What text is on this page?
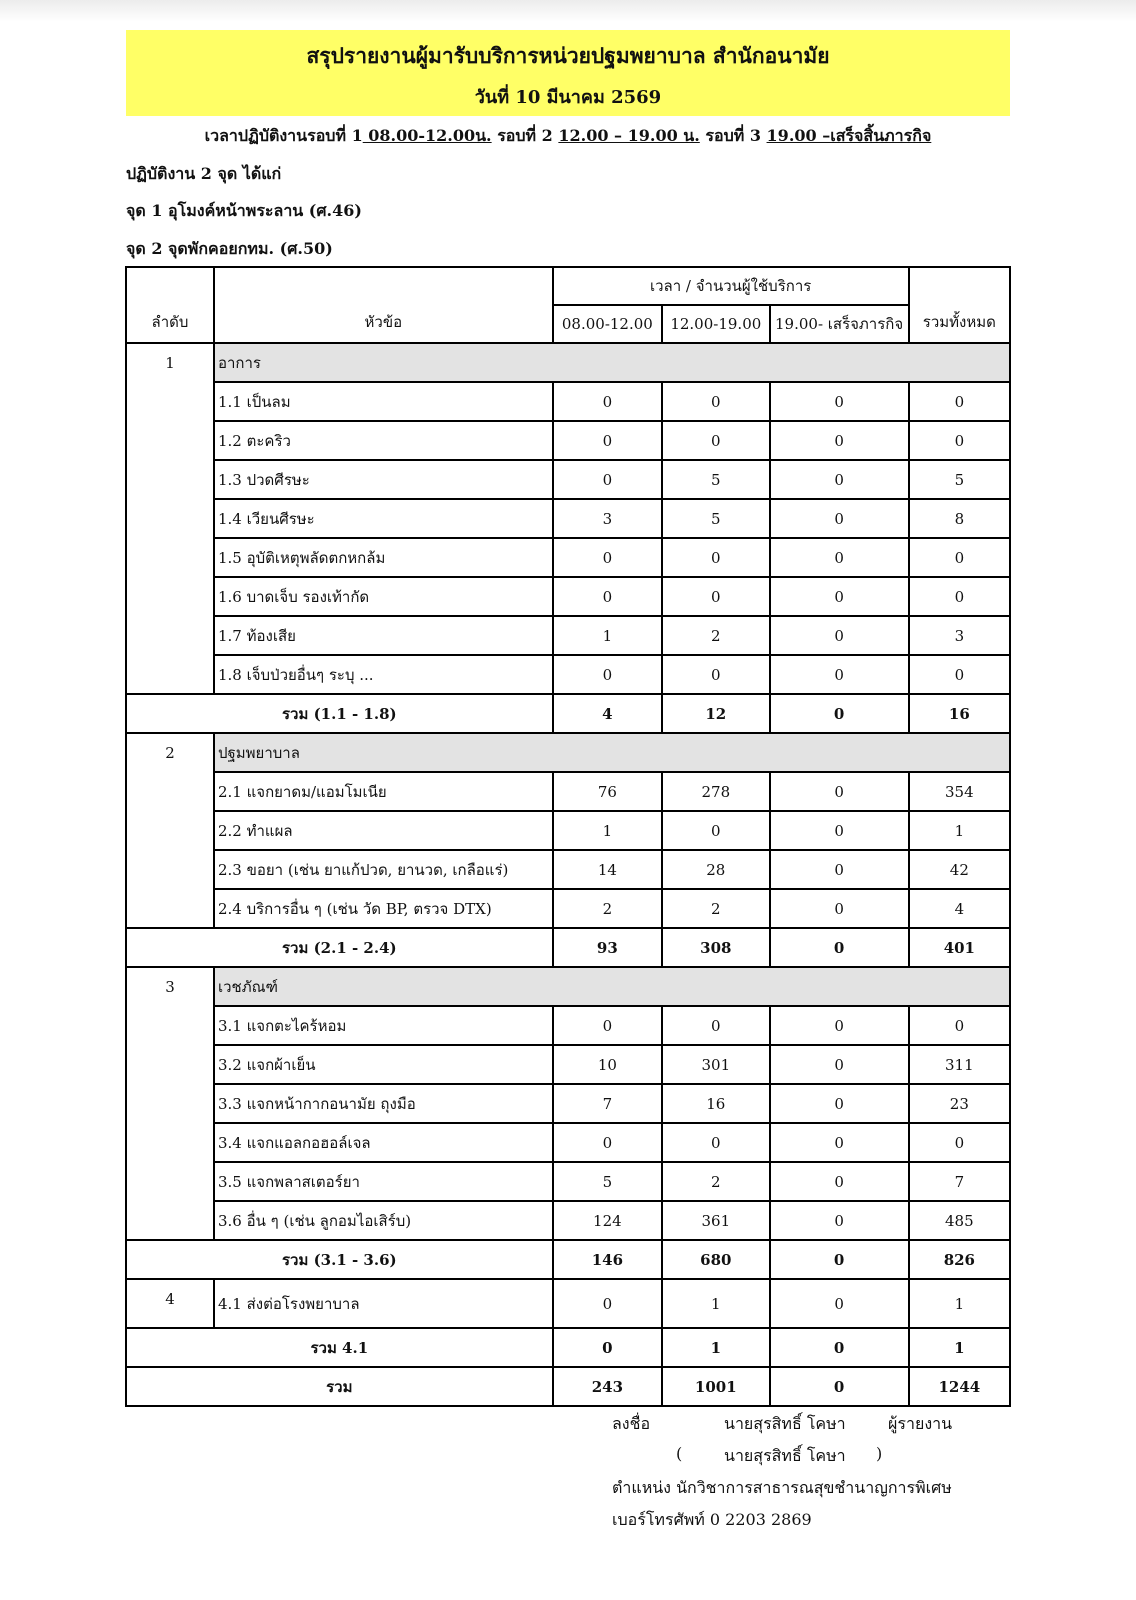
สรุปรายงานผู้มารับบริการหน่วยปฐมพยาบาล สำนักอนามัย
วันที่ 10 มีนาคม 2569
เวลาปฏิบัติงานรอบที่ 1 08.00-12.00น. รอบที่ 2 12.00 – 19.00 น. รอบที่ 3 19.00 –เสร็จสิ้นภารกิจ
ปฏิบัติงาน 2 จุด ได้แก่
จุด 1 อุโมงค์หน้าพระลาน (ศ.46)
จุด 2 จุดพักคอยกทม. (ศ.50)
ลำดับ	หัวข้อ	เวลา / จำนวนผู้ใช้บริการ			รวมทั้งหมด
		08.00-12.00	12.00-19.00	19.00- เสร็จภารกิจ	
1	อาการ				
	1.1 เป็นลม	0	0	0	0
	1.2 ตะคริว	0	0	0	0
	1.3 ปวดศีรษะ	0	5	0	5
	1.4 เวียนศีรษะ	3	5	0	8
	1.5 อุบัติเหตุพลัดตกหกล้ม	0	0	0	0
	1.6 บาดเจ็บ รองเท้ากัด	0	0	0	0
	1.7 ท้องเสีย	1	2	0	3
	1.8 เจ็บป่วยอื่นๆ ระบุ ...	0	0	0	0
รวม (1.1 - 1.8)		4	12	0	16
2	ปฐมพยาบาล				
	2.1 แจกยาดม/แอมโมเนีย	76	278	0	354
	2.2 ทำแผล	1	0	0	1
	2.3 ขอยา (เช่น ยาแก้ปวด, ยานวด, เกลือแร่)	14	28	0	42
	2.4 บริการอื่น ๆ (เช่น วัด BP, ตรวจ DTX)	2	2	0	4
รวม (2.1 - 2.4)		93	308	0	401
3	เวชภัณฑ์				
	3.1 แจกตะไคร้หอม	0	0	0	0
	3.2 แจกผ้าเย็น	10	301	0	311
	3.3 แจกหน้ากากอนามัย ถุงมือ	7	16	0	23
	3.4 แจกแอลกอฮอล์เจล	0	0	0	0
	3.5 แจกพลาสเตอร์ยา	5	2	0	7
	3.6 อื่น ๆ (เช่น ลูกอมไอเสิร์บ)	124	361	0	485
รวม (3.1 - 3.6)		146	680	0	826
4	4.1 ส่งต่อโรงพยาบาล	0	1	0	1
รวม 4.1		0	1	0	1
รวม		243	1001	0	1244
ลงชื่อ	นายสุรสิทธิ์ โคษา	ผู้รายงาน
(	นายสุรสิทธิ์ โคษา )
ตำแหน่ง นักวิชาการสาธารณสุขชำนาญการพิเศษ
เบอร์โทรศัพท์ 0 2203 2869
